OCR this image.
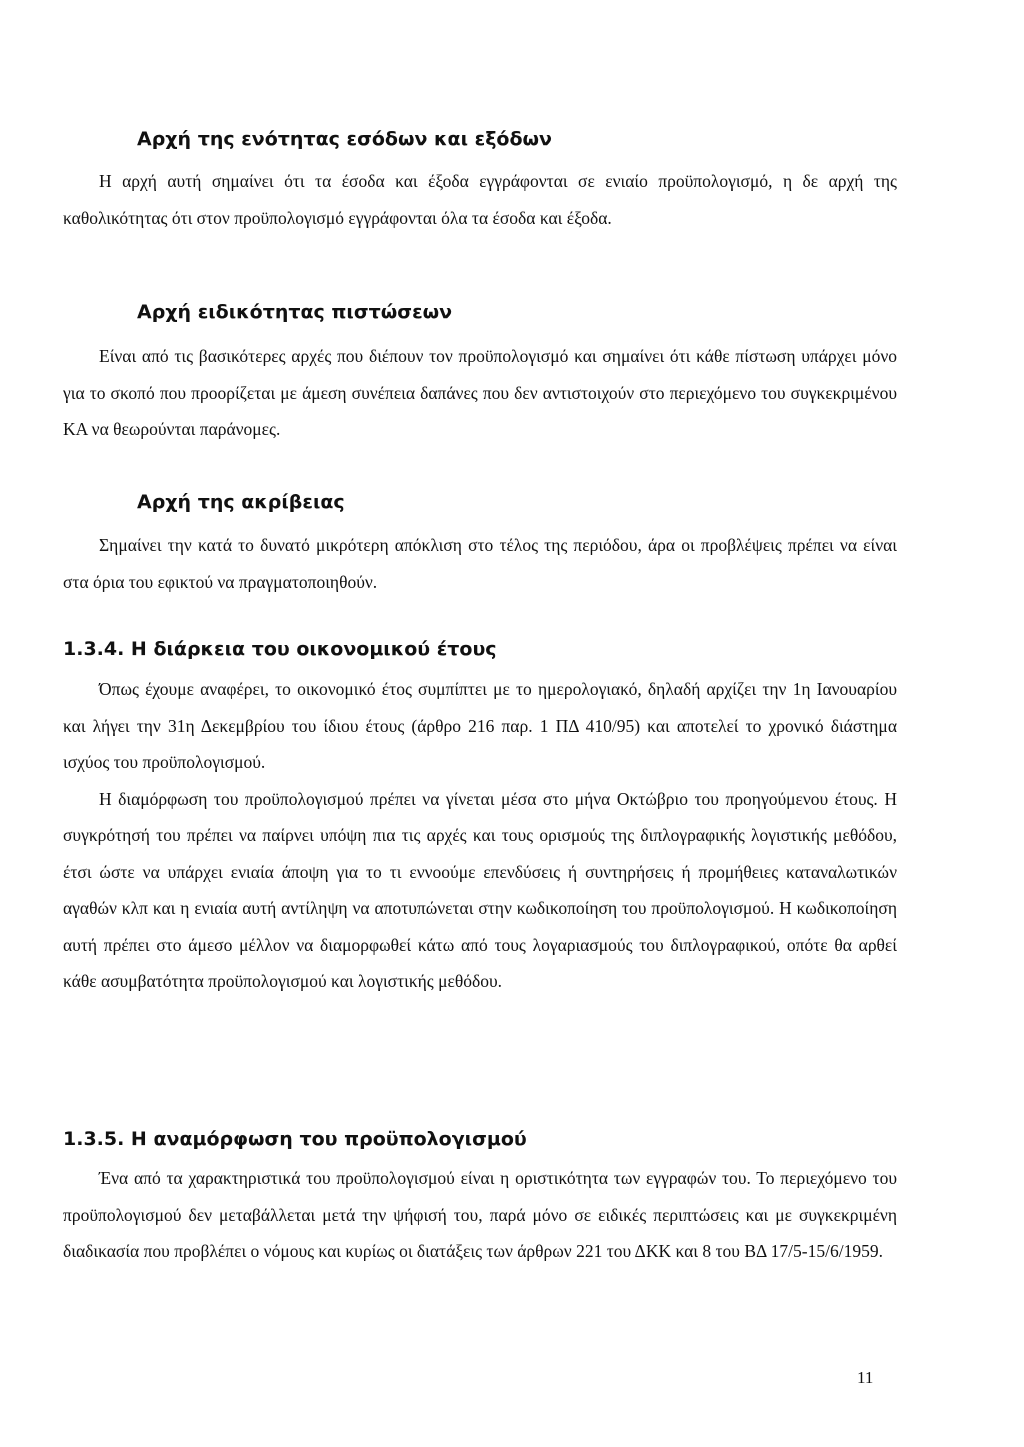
Αρχή της ενότητας εσόδων και εξόδων

Η αρχή αυτή σημαίνει ότι τα έσοδα και έξοδα εγγράφονται σε ενιαίο προϋπολογισμό, η δε αρχή της καθολικότητας ότι στον προϋπολογισμό εγγράφονται όλα τα έσοδα και έξοδα.

Αρχή ειδικότητας πιστώσεων

Είναι από τις βασικότερες αρχές που διέπουν τον προϋπολογισμό και σημαίνει ότι κάθε πίστωση υπάρχει μόνο για το σκοπό που προορίζεται με άμεση συνέπεια δαπάνες που δεν αντιστοιχούν στο περιεχόμενο του συγκεκριμένου ΚΑ να θεωρούνται παράνομες.

Αρχή της ακρίβειας

Σημαίνει την κατά το δυνατό μικρότερη απόκλιση στο τέλος της περιόδου, άρα οι προβλέψεις πρέπει να είναι στα όρια του εφικτού να πραγματοποιηθούν.

1.3.4. Η διάρκεια του οικονομικού έτους

Όπως έχουμε αναφέρει, το οικονομικό έτος συμπίπτει με το ημερολογιακό, δηλαδή αρχίζει την 1η Ιανουαρίου και λήγει την 31η Δεκεμβρίου του ίδιου έτους (άρθρο 216 παρ. 1 ΠΔ 410/95) και αποτελεί το χρονικό διάστημα ισχύος του προϋπολογισμού.

Η διαμόρφωση του προϋπολογισμού πρέπει να γίνεται μέσα στο μήνα Οκτώβριο του προηγούμενου έτους. Η συγκρότησή του πρέπει να παίρνει υπόψη πια τις αρχές και τους ορισμούς της διπλογραφικής λογιστικής μεθόδου, έτσι ώστε να υπάρχει ενιαία άποψη για το τι εννοούμε επενδύσεις ή συντηρήσεις ή προμήθειες καταναλωτικών αγαθών κλπ και η ενιαία αυτή αντίληψη να αποτυπώνεται στην κωδικοποίηση του προϋπολογισμού. Η κωδικοποίηση αυτή πρέπει στο άμεσο μέλλον να διαμορφωθεί κάτω από τους λογαριασμούς του διπλογραφικού, οπότε θα αρθεί κάθε ασυμβατότητα προϋπολογισμού και λογιστικής μεθόδου.

1.3.5. Η αναμόρφωση του προϋπολογισμού

Ένα από τα χαρακτηριστικά του προϋπολογισμού είναι η οριστικότητα των εγγραφών του. Το περιεχόμενο του προϋπολογισμού δεν μεταβάλλεται μετά την ψήφισή του, παρά μόνο σε ειδικές περιπτώσεις και με συγκεκριμένη διαδικασία που προβλέπει ο νόμους και κυρίως οι διατάξεις των άρθρων 221 του ΔΚΚ και 8 του ΒΔ 17/5-15/6/1959.

11
